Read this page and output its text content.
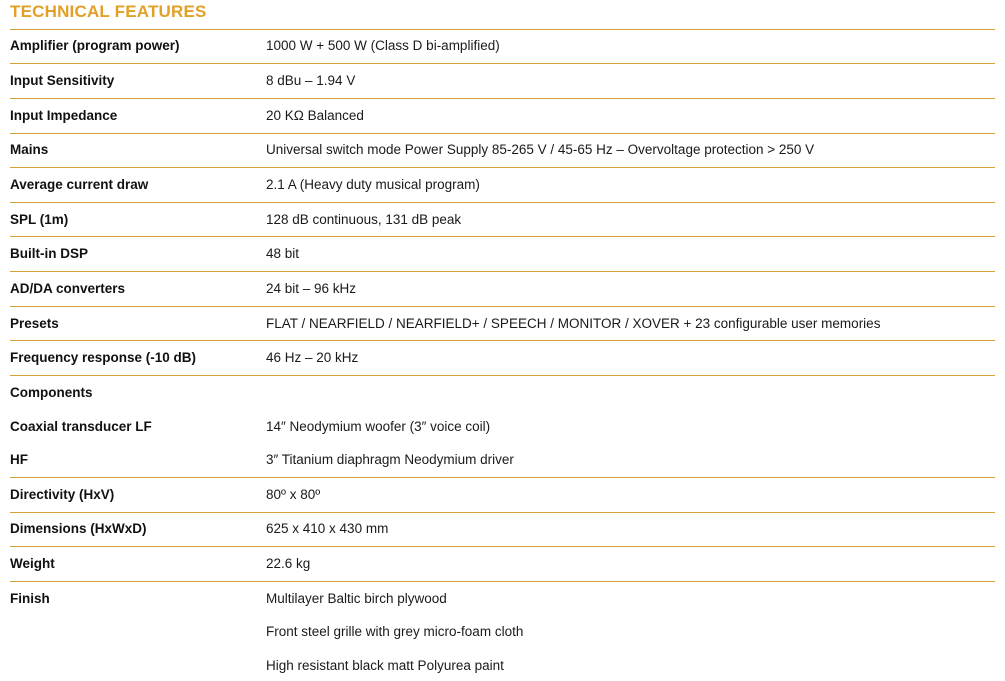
TECHNICAL FEATURES
Amplifier (program power)	1000 W + 500 W (Class D bi-amplified)
Input Sensitivity	8 dBu – 1.94 V
Input Impedance	20 KΩ Balanced
Mains	Universal switch mode Power Supply 85-265 V / 45-65 Hz – Overvoltage protection > 250 V
Average current draw	2.1 A (Heavy duty musical program)
SPL (1m)	128 dB continuous, 131 dB peak
Built-in DSP	48 bit
AD/DA converters	24 bit – 96 kHz
Presets	FLAT / NEARFIELD / NEARFIELD+ / SPEECH / MONITOR / XOVER + 23 configurable user memories
Frequency response (-10 dB)	46 Hz – 20 kHz
Components
Coaxial transducer LF	14″ Neodymium woofer (3″ voice coil)
HF	3″ Titanium diaphragm Neodymium driver
Directivity (HxV)	80º x 80º
Dimensions (HxWxD)	625 x 410 x 430 mm
Weight	22.6 kg
Finish	Multilayer Baltic birch plywood
Front steel grille with grey micro-foam cloth
High resistant black matt Polyurea paint
